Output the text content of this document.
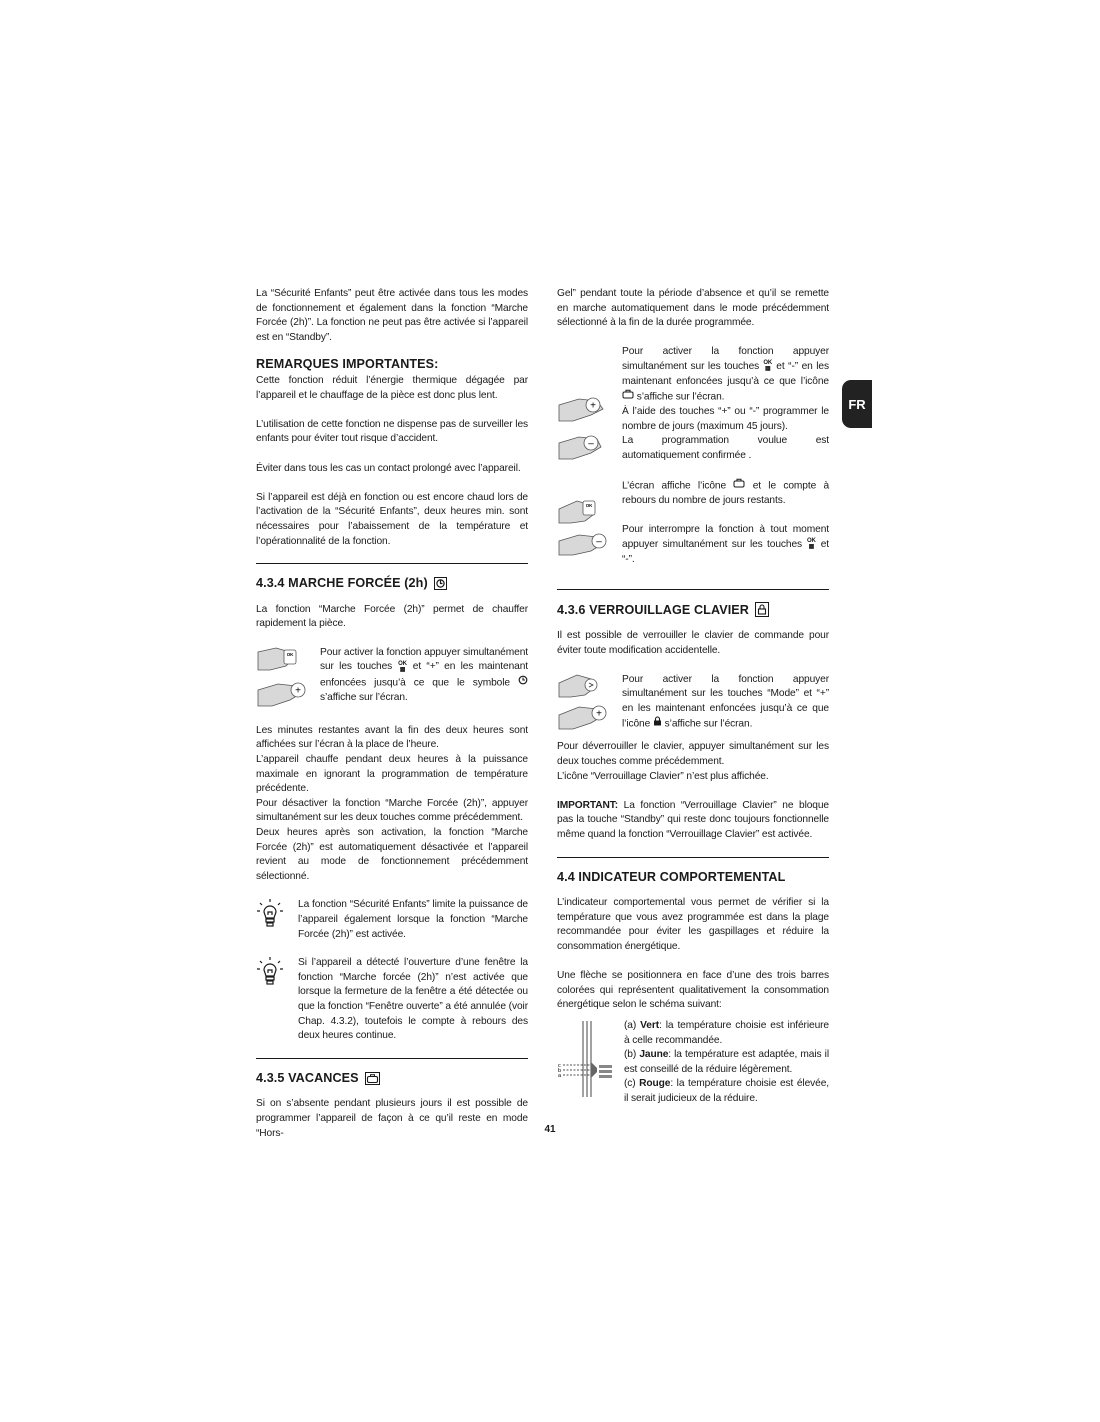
FR

La “Sécurité Enfants” peut être activée dans tous les modes de fonctionnement et également dans la fonction “Marche Forcée (2h)”. La fonction ne peut pas être activée si l’appareil est en “Standby”.

REMARQUES IMPORTANTES:

Cette fonction réduit l’énergie thermique dégagée par l’appareil et le chauffage de la pièce est donc plus lent.

L’utilisation de cette fonction ne dispense pas de surveiller les enfants pour éviter tout risque d’accident.

Éviter dans tous les cas un contact prolongé avec l’appareil.

Si l’appareil est déjà en fonction ou est encore chaud lors de l’activation de la “Sécurité Enfants”, deux heures min. sont nécessaires pour l’abaissement de la température et l’opérationnalité de la fonction.

4.3.4 MARCHE FORCÉE (2h)

La fonction “Marche Forcée (2h)” permet de chauffer rapidement la pièce.

OK
+

Pour activer la fonction appuyer simultanément sur les touches OK
▦ et “+” en les maintenant enfoncées jusqu’à ce que le symbole  s’affiche sur l’écran.

Les minutes restantes avant la fin des deux heures sont affichées sur l’écran à la place de l’heure.

L’appareil chauffe pendant deux heures à la puissance maximale en ignorant la programmation de température précédente.

Pour désactiver la fonction “Marche Forcée (2h)”, appuyer simultanément sur les deux touches comme précédemment.

Deux heures après son activation, la fonction “Marche Forcée (2h)” est automatiquement désactivée et l’appareil revient au mode de fonctionnement précédemment sélectionné.

La fonction “Sécurité Enfants” limite la puissance de l’appareil également lorsque la fonction “Marche Forcée (2h)” est activée.

Si l’appareil a détecté l’ouverture d’une fenêtre la fonction “Marche forcée (2h)” n’est activée que lorsque la fermeture de la fenêtre a été détectée ou que la fonction “Fenêtre ouverte” a été annulée (voir Chap. 4.3.2), toutefois le compte à rebours des deux heures continue.

4.3.5 VACANCES

Si on s’absente pendant plusieurs jours il est possible de programmer l’appareil de façon à ce qu’il reste en mode “Hors-

Gel” pendant toute la période d’absence et qu’il se remette en marche automatiquement dans le mode précédemment sélectionné à la fin de la durée programmée.

+
–
OK
–

Pour activer la fonction appuyer simultanément sur les touches OK
▦ et “-” en les maintenant enfoncées jusqu’à ce que l’icône  s’affiche sur l’écran.

À l’aide des touches “+” ou “-” programmer le nombre de jours (maximum 45 jours).

La programmation voulue est automatiquement confirmée .

L’écran affiche l’icône	et le compte à rebours du nombre de jours restants.

Pour interrompre la fonction à tout moment appuyer simultanément sur les touches OK
▦ et “-”.

4.3.6 VERROUILLAGE CLAVIER

Il est possible de verrouiller le clavier de commande pour éviter toute modification accidentelle.

+

Pour activer la fonction appuyer simultanément sur les touches “Mode” et “+” en les maintenant enfoncées jusqu’à ce que l’icône s’affiche sur l’écran.

Pour déverrouiller le clavier, appuyer simultanément sur les deux touches comme précédemment.

L’icône “Verrouillage Clavier” n’est plus affichée.

IMPORTANT: La fonction “Verrouillage Clavier” ne bloque pas la touche “Standby” qui reste donc toujours fonctionnelle même quand la fonction “Verrouillage Clavier” est activée.

4.4 INDICATEUR COMPORTEMENTAL

L’indicateur comportemental vous permet de vérifier si la température que vous avez programmée est dans la plage recommandée pour éviter les gaspillages et réduire la consommation énergétique.

Une flèche se positionnera en face d’une des trois barres colorées qui représentent qualitativement la consommation énergétique selon le schéma suivant:

c
b
a

(a) Vert: la température choisie est inférieure à celle recommandée.

(b) Jaune: la température est adaptée, mais il est conseillé de la réduire légèrement.

(c) Rouge: la température choisie est élevée, il serait judicieux de la réduire.

41
